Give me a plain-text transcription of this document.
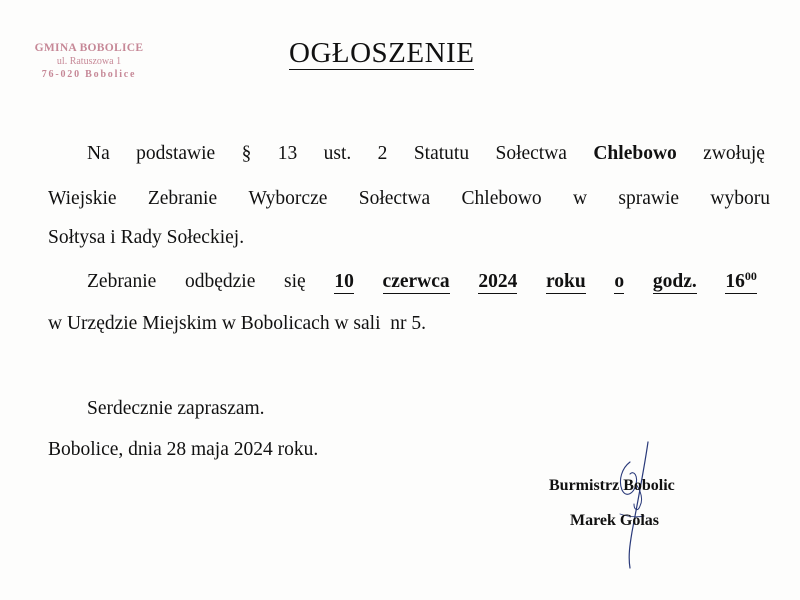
GMINA BOBOLICE
ul. Ratuszowa 1
76-020 Bobolice
OGŁOSZENIE
Na podstawie § 13 ust. 2 Statutu Sołectwa Chlebowo zwołuję
Wiejskie Zebranie Wyborcze Sołectwa Chlebowo w sprawie wyboru
Sołtysa i Rady Sołeckiej.
Zebranie odbędzie się 10 czerwca 2024 roku o godz. $16^{00}$
w Urzędzie Miejskim w Bobolicach w sali  nr 5.
Serdecznie zapraszam.
Bobolice, dnia 28 maja 2024 roku.
Burmistrz Bobolic
Marek Golas
